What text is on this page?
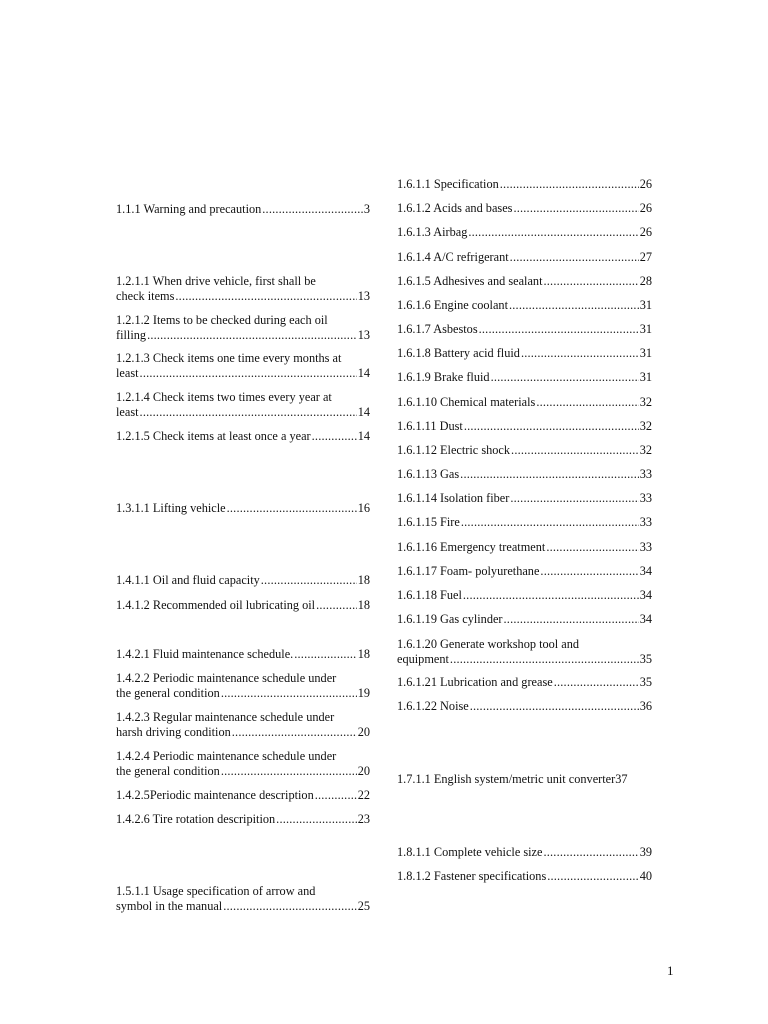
1.1.1 Warning and precaution .....	3
1.2.1.1 When drive vehicle, first shall be
check items .....	13
1.2.1.2 Items to be checked during each oil
filling .....	13
1.2.1.3 Check items one time every months at
least .....	14
1.2.1.4 Check items two times every year at
least .....	14
1.2.1.5 Check items at least once a year .....	14
1.3.1.1 Lifting vehicle .....	16
1.4.1.1 Oil and fluid capacity .....	18
1.4.1.2 Recommended oil lubricating oil .....	18
1.4.2.1 Fluid maintenance schedule. .....	18
1.4.2.2 Periodic maintenance schedule under
the general condition .....	19
1.4.2.3 Regular maintenance schedule under
harsh driving condition .....	20
1.4.2.4 Periodic maintenance schedule under
the general condition .....	20
1.4.2.5Periodic maintenance description .....	22
1.4.2.6 Tire rotation descripition .....	23
1.5.1.1 Usage specification of arrow and
symbol in the manual .....	25
1.6.1.1 Specification .....	26
1.6.1.2 Acids and bases .....	26
1.6.1.3 Airbag .....	26
1.6.1.4 A/C refrigerant .....	27
1.6.1.5 Adhesives and sealant .....	28
1.6.1.6 Engine coolant .....	31
1.6.1.7 Asbestos .....	31
1.6.1.8 Battery acid fluid .....	31
1.6.1.9 Brake fluid .....	31
1.6.1.10 Chemical materials .....	32
1.6.1.11 Dust .....	32
1.6.1.12 Electric shock .....	32
1.6.1.13 Gas .....	33
1.6.1.14 Isolation fiber .....	33
1.6.1.15 Fire .....	33
1.6.1.16 Emergency treatment .....	33
1.6.1.17 Foam- polyurethane .....	34
1.6.1.18 Fuel .....	34
1.6.1.19 Gas cylinder .....	34
1.6.1.20 Generate workshop tool and
equipment .....	35
1.6.1.21 Lubrication and grease .....	35
1.6.1.22 Noise .....	36
1.7.1.1 English system/metric unit converter 37
1.8.1.1 Complete vehicle size .....	39
1.8.1.2 Fastener specifications .....	40
1
